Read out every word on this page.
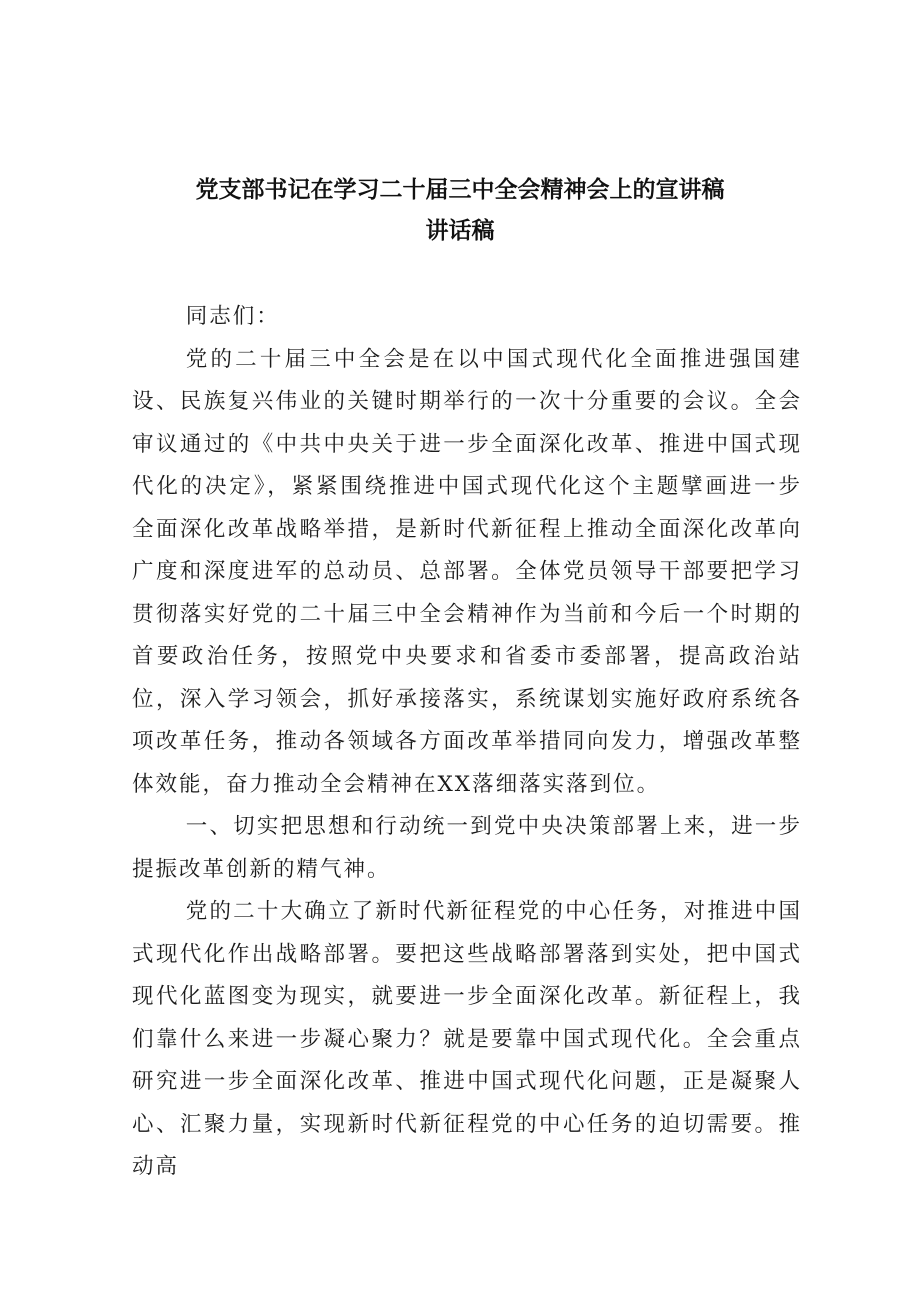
党支部书记在学习二十届三中全会精神会上的宣讲稿
讲话稿

同志们：

党的二十届三中全会是在以中国式现代化全面推进强国建设、民族复兴伟业的关键时期举行的一次十分重要的会议。全会审议通过的《中共中央关于进一步全面深化改革、推进中国式现代化的决定》，紧紧围绕推进中国式现代化这个主题擘画进一步全面深化改革战略举措，是新时代新征程上推动全面深化改革向广度和深度进军的总动员、总部署。全体党员领导干部要把学习贯彻落实好党的二十届三中全会精神作为当前和今后一个时期的首要政治任务，按照党中央要求和省委市委部署，提高政治站位，深入学习领会，抓好承接落实，系统谋划实施好政府系统各项改革任务，推动各领域各方面改革举措同向发力，增强改革整体效能，奋力推动全会精神在XX落细落实落到位。

一、切实把思想和行动统一到党中央决策部署上来，进一步提振改革创新的精气神。

党的二十大确立了新时代新征程党的中心任务，对推进中国式现代化作出战略部署。要把这些战略部署落到实处，把中国式现代化蓝图变为现实，就要进一步全面深化改革。新征程上，我们靠什么来进一步凝心聚力？就是要靠中国式现代化。全会重点研究进一步全面深化改革、推进中国式现代化问题，正是凝聚人心、汇聚力量，实现新时代新征程党的中心任务的迫切需要。推动高
